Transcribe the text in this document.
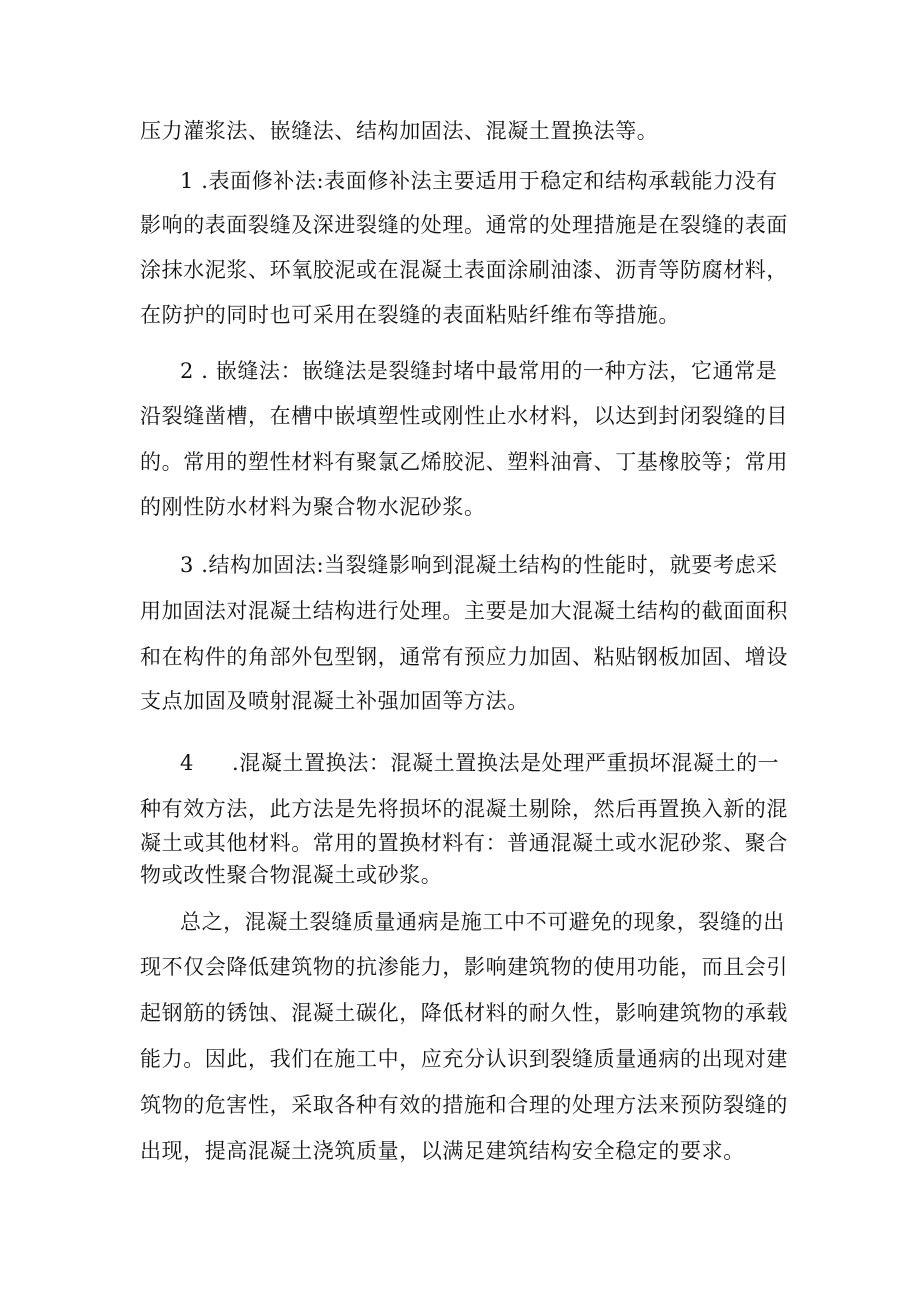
压力灌浆法、嵌缝法、结构加固法、混凝土置换法等。
1 .表面修补法:表面修补法主要适用于稳定和结构承载能力没有
影响的表面裂缝及深进裂缝的处理。通常的处理措施是在裂缝的表面
涂抹水泥浆、环氧胶泥或在混凝土表面涂刷油漆、沥青等防腐材料，
在防护的同时也可采用在裂缝的表面粘贴纤维布等措施。
2 . 嵌缝法：嵌缝法是裂缝封堵中最常用的一种方法，它通常是
沿裂缝凿槽，在槽中嵌填塑性或刚性止水材料，以达到封闭裂缝的目
的。常用的塑性材料有聚氯乙烯胶泥、塑料油膏、丁基橡胶等；常用
的刚性防水材料为聚合物水泥砂浆。
3 .结构加固法:当裂缝影响到混凝土结构的性能时，就要考虑采
用加固法对混凝土结构进行处理。主要是加大混凝土结构的截面面积
和在构件的角部外包型钢，通常有预应力加固、粘贴钢板加固、增设
支点加固及喷射混凝土补强加固等方法。
4 .混凝土置换法：混凝土置换法是处理严重损坏混凝土的一
种有效方法，此方法是先将损坏的混凝土剔除，然后再置换入新的混
凝土或其他材料。常用的置换材料有：普通混凝土或水泥砂浆、聚合
物或改性聚合物混凝土或砂浆。
总之，混凝土裂缝质量通病是施工中不可避免的现象，裂缝的出
现不仅会降低建筑物的抗渗能力，影响建筑物的使用功能，而且会引
起钢筋的锈蚀、混凝土碳化，降低材料的耐久性，影响建筑物的承载
能力。因此，我们在施工中，应充分认识到裂缝质量通病的出现对建
筑物的危害性，采取各种有效的措施和合理的处理方法来预防裂缝的
出现，提高混凝土浇筑质量，以满足建筑结构安全稳定的要求。
